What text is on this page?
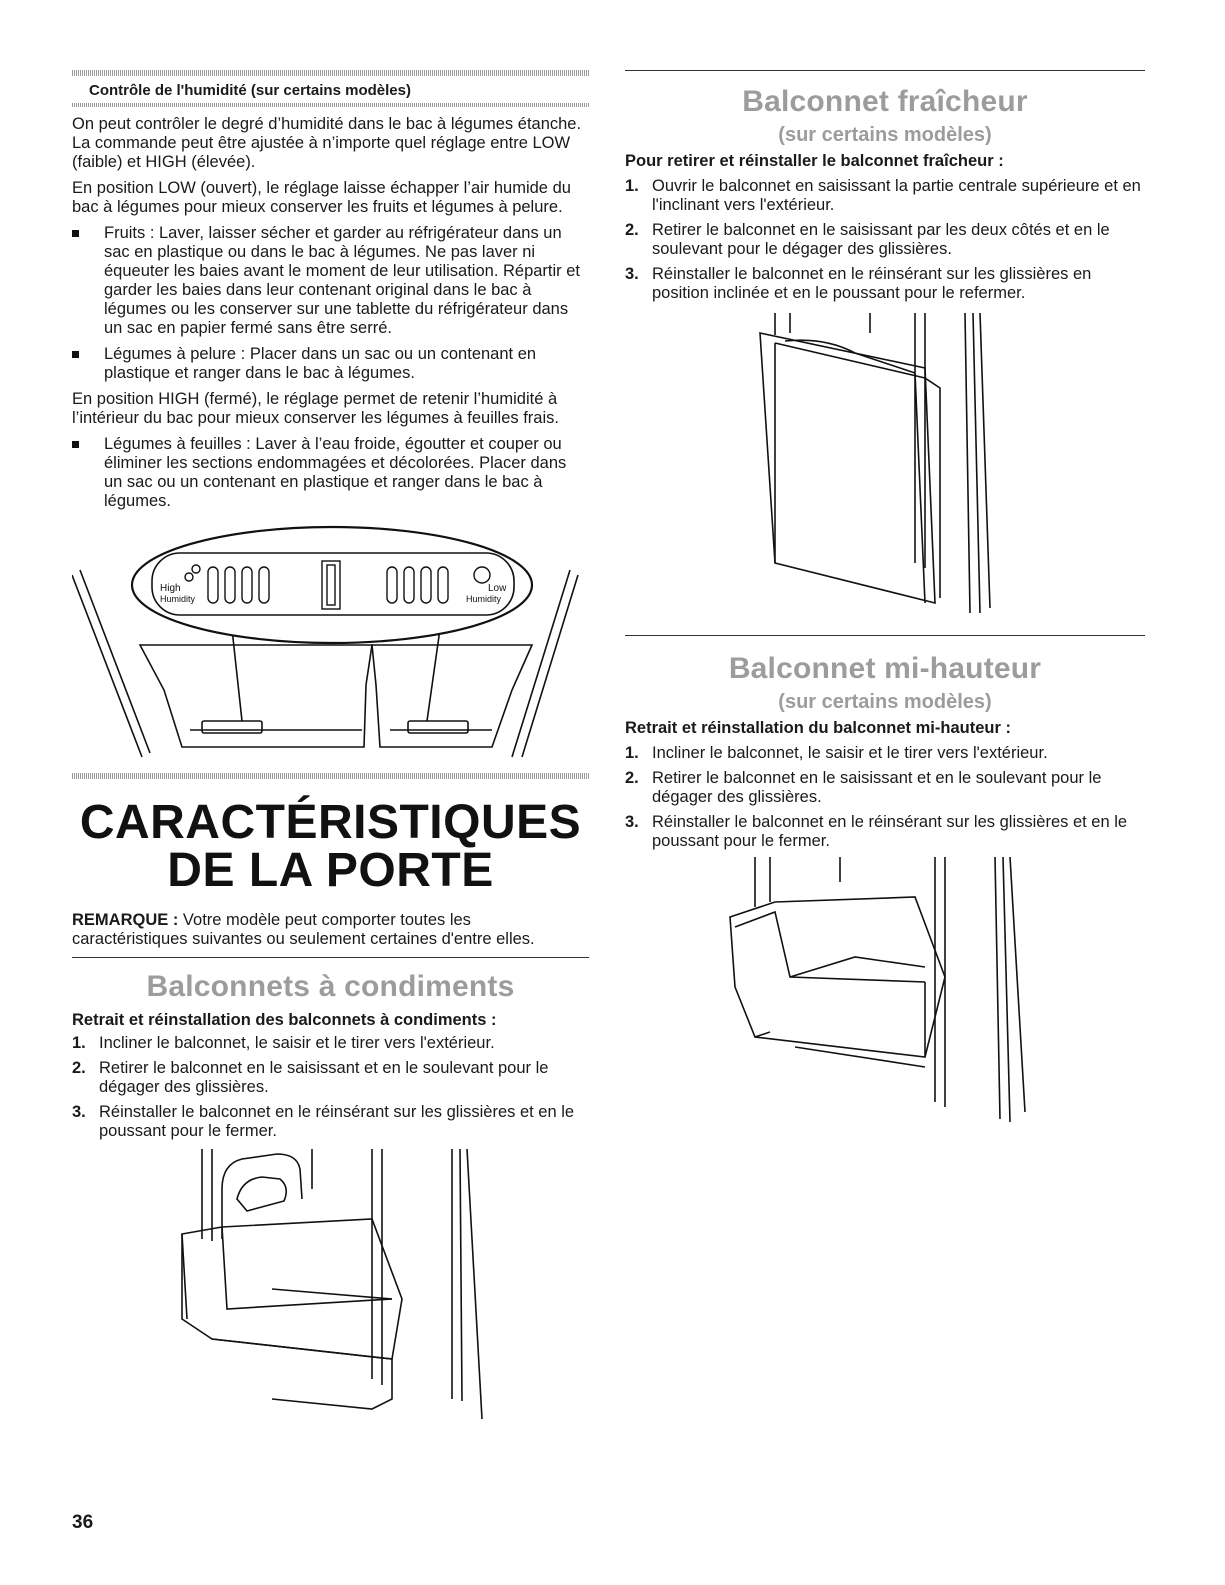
Contrôle de l'humidité (sur certains modèles)

On peut contrôler le degré d’humidité dans le bac à légumes étanche. La commande peut être ajustée à n’importe quel réglage entre LOW (faible) et HIGH (élevée).

En position LOW (ouvert), le réglage laisse échapper l’air humide du bac à légumes pour mieux conserver les fruits et légumes à pelure.

Fruits : Laver, laisser sécher et garder au réfrigérateur dans un sac en plastique ou dans le bac à légumes. Ne pas laver ni équeuter les baies avant le moment de leur utilisation. Répartir et garder les baies dans leur contenant original dans le bac à légumes ou les conserver sur une tablette du réfrigérateur dans un sac en papier fermé sans être serré.
Légumes à pelure : Placer dans un sac ou un contenant en plastique et ranger dans le bac à légumes.

En position HIGH (fermé), le réglage permet de retenir l’humidité à l’intérieur du bac pour mieux conserver les légumes à feuilles frais.

Légumes à feuilles : Laver à l’eau froide, égoutter et couper ou éliminer les sections endommagées et décolorées. Placer dans un sac ou un contenant en plastique et ranger dans le bac à légumes.
High
Humidity
Low
Humidity
CARACTÉRISTIQUES
DE LA PORTE

REMARQUE : Votre modèle peut comporter toutes les caractéristiques suivantes ou seulement certaines d'entre elles.

Balconnets à condiments
Retrait et réinstallation des balconnets à condiments :
1. Incliner le balconnet, le saisir et le tirer vers l'extérieur.
2. Retirer le balconnet en le saisissant et en le soulevant pour le dégager des glissières.
3. Réinstaller le balconnet en le réinsérant sur les glissières et en le poussant pour le fermer.
Balconnet fraîcheur
(sur certains modèles)
Pour retirer et réinstaller le balconnet fraîcheur :
1. Ouvrir le balconnet en saisissant la partie centrale supérieure et en l'inclinant vers l'extérieur.
2. Retirer le balconnet en le saisissant par les deux côtés et en le soulevant pour le dégager des glissières.
3. Réinstaller le balconnet en le réinsérant sur les glissières en position inclinée et en le poussant pour le refermer.
Balconnet mi-hauteur
(sur certains modèles)
Retrait et réinstallation du balconnet mi-hauteur :
1. Incliner le balconnet, le saisir et le tirer vers l'extérieur.
2. Retirer le balconnet en le saisissant et en le soulevant pour le dégager des glissières.
3. Réinstaller le balconnet en le réinsérant sur les glissières et en le poussant pour le fermer.
36
